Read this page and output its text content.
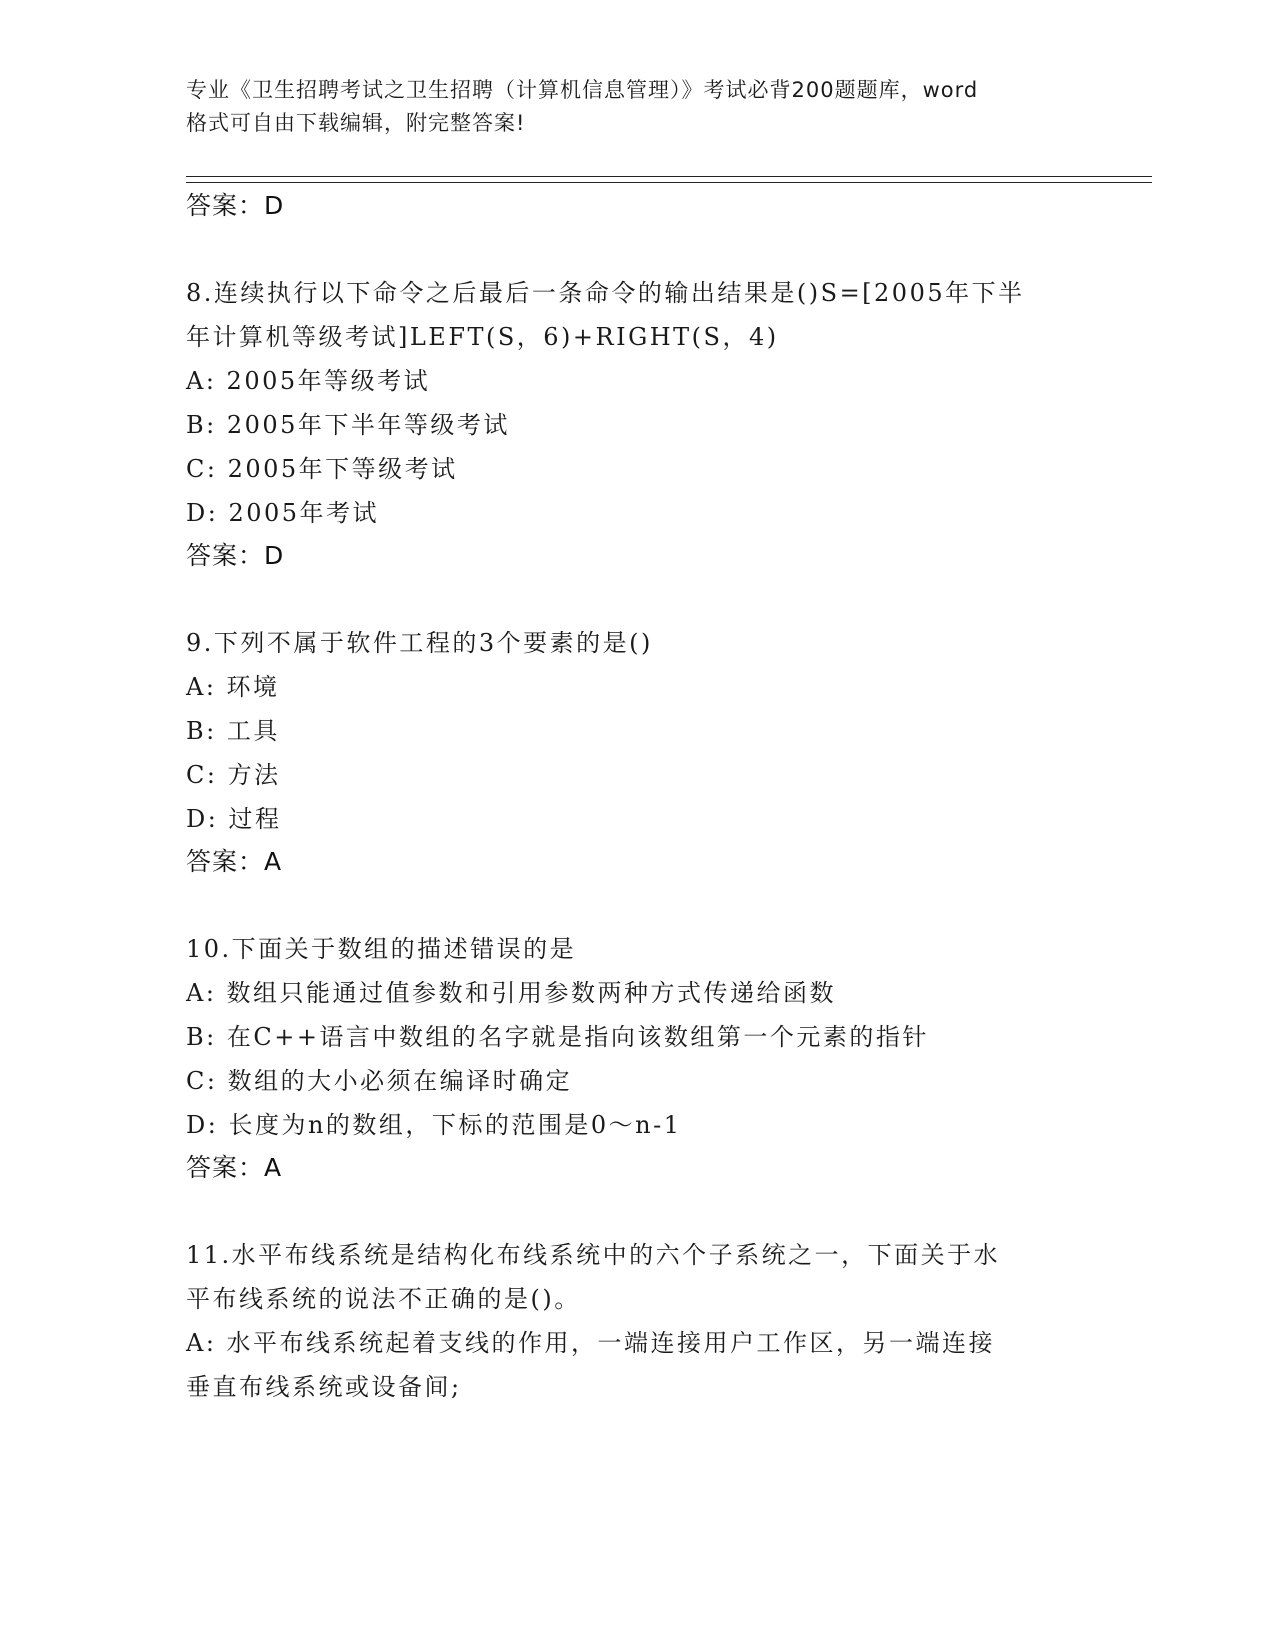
专业《卫生招聘考试之卫生招聘（计算机信息管理）》考试必背200题题库，word
格式可自由下载编辑，附完整答案!
答案：D
8.连续执行以下命令之后最后一条命令的输出结果是()S=[2005年下半
年计算机等级考试]LEFT(S，6)+RIGHT(S，4)
A: 2005年等级考试
B: 2005年下半年等级考试
C: 2005年下等级考试
D: 2005年考试
答案：D
9.下列不属于软件工程的3个要素的是()
A: 环境
B: 工具
C: 方法
D: 过程
答案：A
10.下面关于数组的描述错误的是
A: 数组只能通过值参数和引用参数两种方式传递给函数
B: 在C++语言中数组的名字就是指向该数组第一个元素的指针
C: 数组的大小必须在编译时确定
D: 长度为n的数组，下标的范围是0～n-1
答案：A
11.水平布线系统是结构化布线系统中的六个子系统之一，下面关于水
平布线系统的说法不正确的是()。
A: 水平布线系统起着支线的作用，一端连接用户工作区，另一端连接
垂直布线系统或设备间;
